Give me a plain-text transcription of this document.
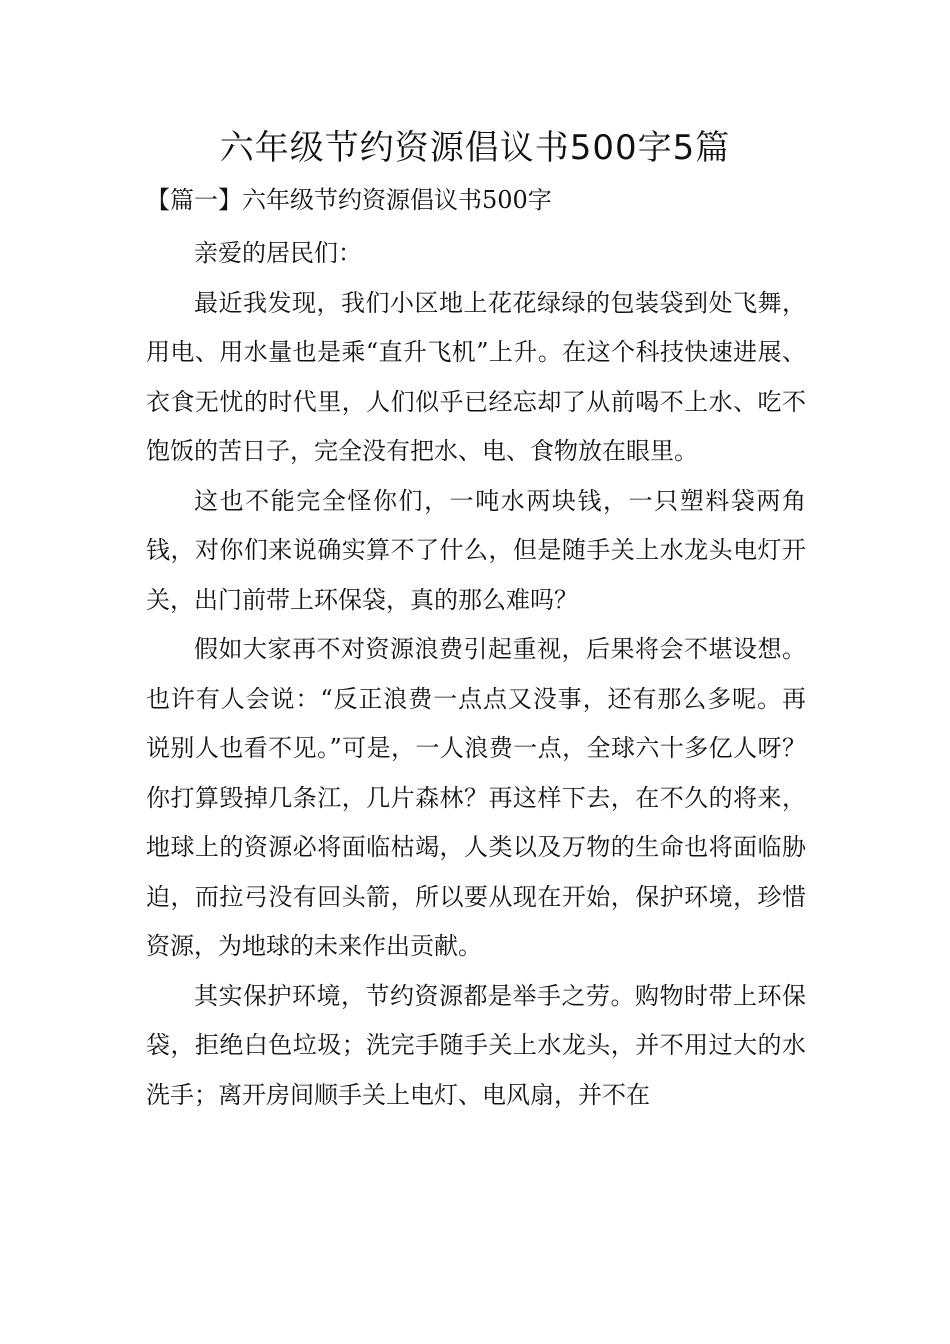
六年级节约资源倡议书500字5篇
【篇一】六年级节约资源倡议书500字

亲爱的居民们：

最近我发现，我们小区地上花花绿绿的包装袋到处飞舞，用电、用水量也是乘“直升飞机”上升。在这个科技快速进展、衣食无忧的时代里，人们似乎已经忘却了从前喝不上水、吃不饱饭的苦日子，完全没有把水、电、食物放在眼里。

这也不能完全怪你们，一吨水两块钱，一只塑料袋两角钱，对你们来说确实算不了什么，但是随手关上水龙头电灯开关，出门前带上环保袋，真的那么难吗？

假如大家再不对资源浪费引起重视，后果将会不堪设想。也许有人会说：“反正浪费一点点又没事，还有那么多呢。再说别人也看不见。”可是，一人浪费一点，全球六十多亿人呀？你打算毁掉几条江，几片森林？再这样下去，在不久的将来，地球上的资源必将面临枯竭，人类以及万物的生命也将面临胁迫，而拉弓没有回头箭，所以要从现在开始，保护环境，珍惜资源，为地球的未来作出贡献。

其实保护环境，节约资源都是举手之劳。购物时带上环保袋，拒绝白色垃圾；洗完手随手关上水龙头，并不用过大的水洗手；离开房间顺手关上电灯、电风扇，并不在
